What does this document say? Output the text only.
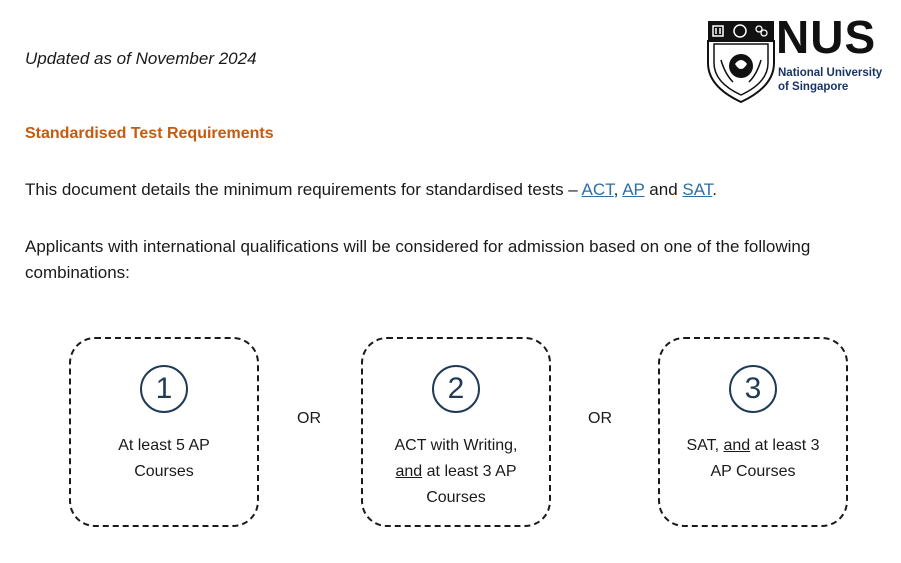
Updated as of November 2024	NUS
National University
of Singapore
Standardised Test Requirements
This document details the minimum requirements for standardised tests – ACT, AP and SAT.
Applicants with international qualifications will be considered for admission based on one of the following combinations:
1
At least 5 AP
Courses
OR
2
ACT with Writing,
and at least 3 AP
Courses
OR
3
SAT, and at least 3
AP Courses
